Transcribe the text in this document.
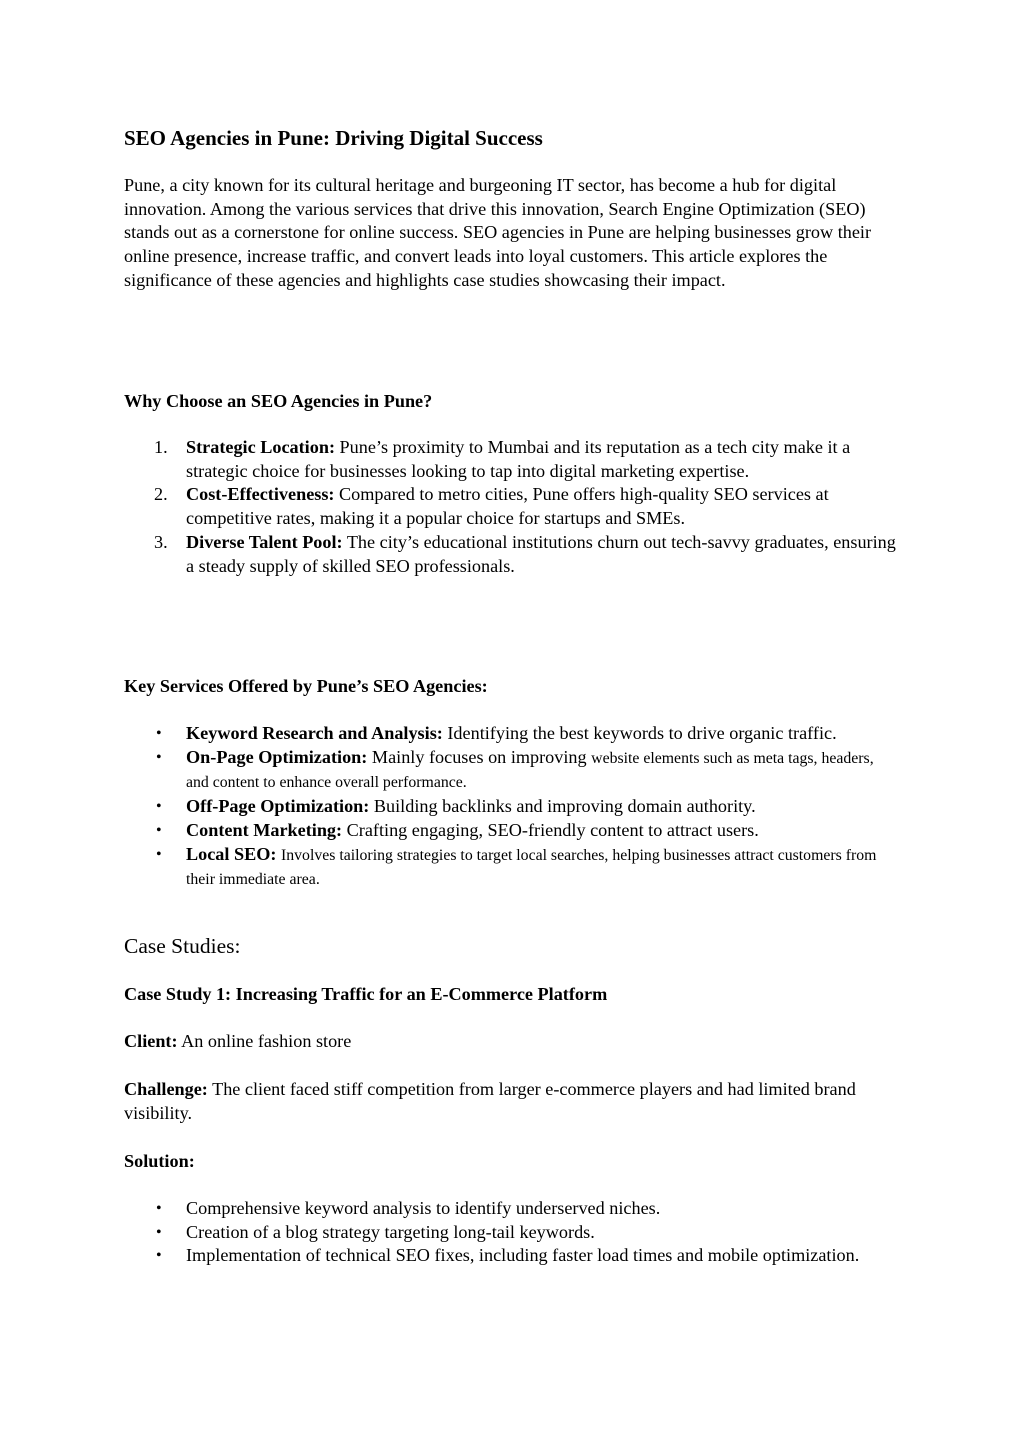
SEO Agencies in Pune: Driving Digital Success
Pune, a city known for its cultural heritage and burgeoning IT sector, has become a hub for digital innovation. Among the various services that drive this innovation, Search Engine Optimization (SEO) stands out as a cornerstone for online success. SEO agencies in Pune are helping businesses grow their online presence, increase traffic, and convert leads into loyal customers. This article explores the significance of these agencies and highlights case studies showcasing their impact.
Why Choose an SEO Agencies in Pune?
1.	Strategic Location: Pune’s proximity to Mumbai and its reputation as a tech city make it a strategic choice for businesses looking to tap into digital marketing expertise.
2.	Cost-Effectiveness: Compared to metro cities, Pune offers high-quality SEO services at competitive rates, making it a popular choice for startups and SMEs.
3.	Diverse Talent Pool: The city’s educational institutions churn out tech-savvy graduates, ensuring a steady supply of skilled SEO professionals.
Key Services Offered by Pune’s SEO Agencies:
• Keyword Research and Analysis: Identifying the best keywords to drive organic traffic.
• On-Page Optimization: Mainly focuses on improving website elements such as meta tags, headers, and content to enhance overall performance.
• Off-Page Optimization: Building backlinks and improving domain authority.
• Content Marketing: Crafting engaging, SEO-friendly content to attract users.
• Local SEO: Involves tailoring strategies to target local searches, helping businesses attract customers from their immediate area.
Case Studies:
Case Study 1: Increasing Traffic for an E-Commerce Platform
Client: An online fashion store
Challenge: The client faced stiff competition from larger e-commerce players and had limited brand visibility.
Solution:
• Comprehensive keyword analysis to identify underserved niches.
• Creation of a blog strategy targeting long-tail keywords.
• Implementation of technical SEO fixes, including faster load times and mobile optimization.
